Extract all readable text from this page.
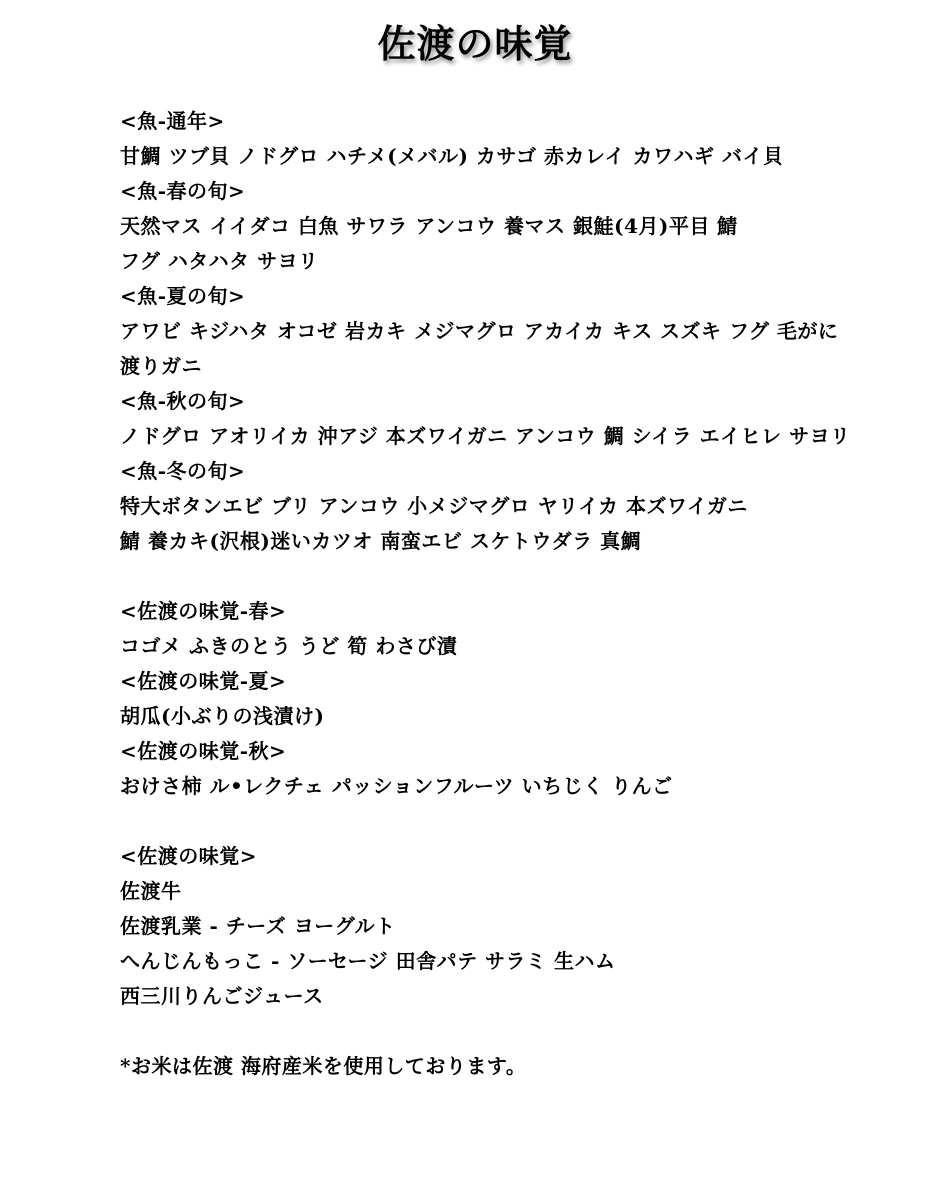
佐渡の味覚
<魚-通年>
甘鯛 ツブ貝 ノドグロ ハチメ(メバル) カサゴ 赤カレイ カワハギ バイ貝
<魚-春の旬>
天然マス イイダコ 白魚 サワラ アンコウ 養マス 銀鮭(4月)平目 鯖
フグ ハタハタ サヨリ
<魚-夏の旬>
アワビ キジハタ オコゼ 岩カキ メジマグロ アカイカ キス スズキ フグ 毛がに
渡りガニ
<魚-秋の旬>
ノドグロ アオリイカ 沖アジ 本ズワイガニ アンコウ 鯛 シイラ エイヒレ サヨリ
<魚-冬の旬>
特大ボタンエビ ブリ アンコウ 小メジマグロ ヤリイカ 本ズワイガニ
鯖 養カキ(沢根)迷いカツオ 南蛮エビ スケトウダラ 真鯛
<佐渡の味覚-春>
コゴメ ふきのとう うど 筍 わさび漬
<佐渡の味覚-夏>
胡瓜(小ぶりの浅漬け)
<佐渡の味覚-秋>
おけさ柿 ル•レクチェ パッションフルーツ いちじく りんご
<佐渡の味覚>
佐渡牛
佐渡乳業 - チーズ ヨーグルト
へんじんもっこ - ソーセージ 田舎パテ サラミ 生ハム
西三川りんごジュース
*お米は佐渡 海府産米を使用しております。
